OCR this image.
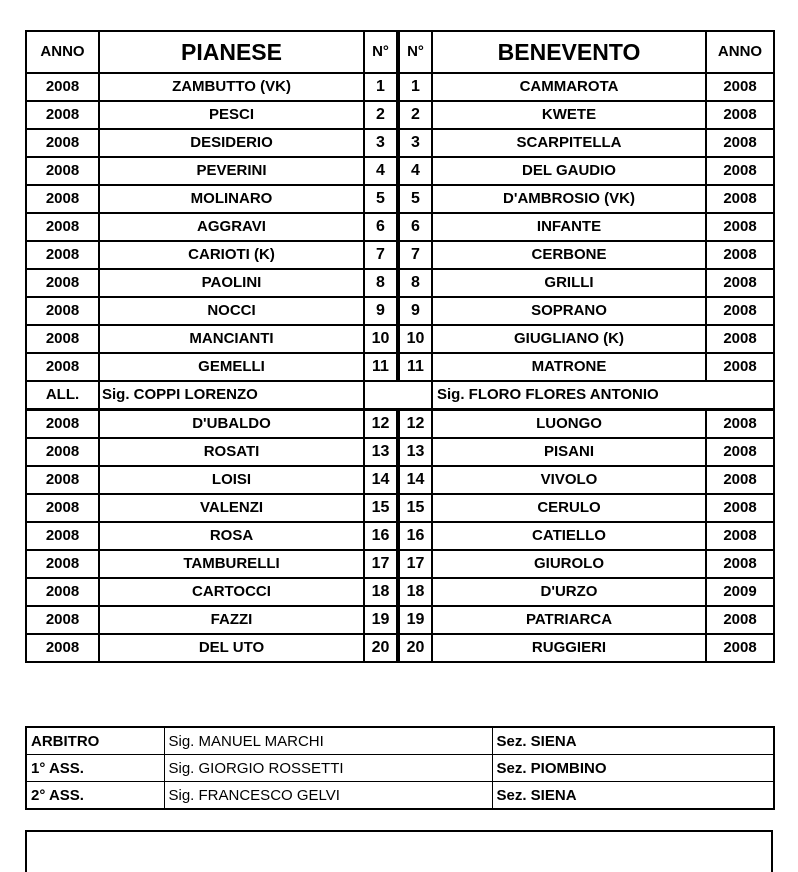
ANNO	PIANESE	N°	N°	BENEVENTO	ANNO
2008	ZAMBUTTO (VK)	1	1	CAMMAROTA	2008
2008	PESCI	2	2	KWETE	2008
2008	DESIDERIO	3	3	SCARPITELLA	2008
2008	PEVERINI	4	4	DEL GAUDIO	2008
2008	MOLINARO	5	5	D'AMBROSIO (VK)	2008
2008	AGGRAVI	6	6	INFANTE	2008
2008	CARIOTI (K)	7	7	CERBONE	2008
2008	PAOLINI	8	8	GRILLI	2008
2008	NOCCI	9	9	SOPRANO	2008
2008	MANCIANTI	10	10	GIUGLIANO (K)	2008
2008	GEMELLI	11	11	MATRONE	2008
ALL.	Sig. COPPI LORENZO			Sig. FLORO FLORES ANTONIO	
2008	D'UBALDO	12	12	LUONGO	2008
2008	ROSATI	13	13	PISANI	2008
2008	LOISI	14	14	VIVOLO	2008
2008	VALENZI	15	15	CERULO	2008
2008	ROSA	16	16	CATIELLO	2008
2008	TAMBURELLI	17	17	GIUROLO	2008
2008	CARTOCCI	18	18	D'URZO	2009
2008	FAZZI	19	19	PATRIARCA	2008
2008	DEL UTO	20	20	RUGGIERI	2008
ARBITRO	Sig. MANUEL MARCHI	Sez. SIENA
1° ASS.	Sig. GIORGIO ROSSETTI	Sez. PIOMBINO
2° ASS.	Sig. FRANCESCO GELVI	Sez. SIENA
